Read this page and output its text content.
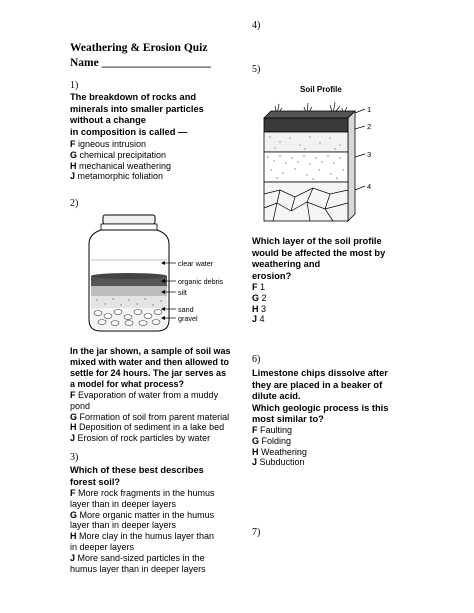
Weathering & Erosion Quiz
Name ___________________
1)
The breakdown of rocks and
minerals into smaller particles
without a change
in composition is called —
F igneous intrusion
G chemical precipitation
H mechanical weathering
J metamorphic foliation
2)
clear water
organic debris
silt
sand
gravel
In the jar shown, a sample of soil was
mixed with water and then allowed to
settle for 24 hours. The jar serves as
a model for what process?
F Evaporation of water from a muddy
pond
G Formation of soil from parent material
H Deposition of sediment in a lake bed
J Erosion of rock particles by water
3)
Which of these best describes
forest soil?
F More rock fragments in the humus
layer than in deeper layers
G More organic matter in the humus
layer than in deeper layers
H More clay in the humus layer than
in deeper layers
J More sand-sized particles in the
humus layer than in deeper layers
4)
5)
Soil Profile
1
2
3
4
Which layer of the soil profile
would be affected the most by
weathering and
erosion?
F 1
G 2
H 3
J 4
6)
Limestone chips dissolve after
they are placed in a beaker of
dilute acid.
Which geologic process is this
most similar to?
F Faulting
G Folding
H Weathering
J Subduction
7)
